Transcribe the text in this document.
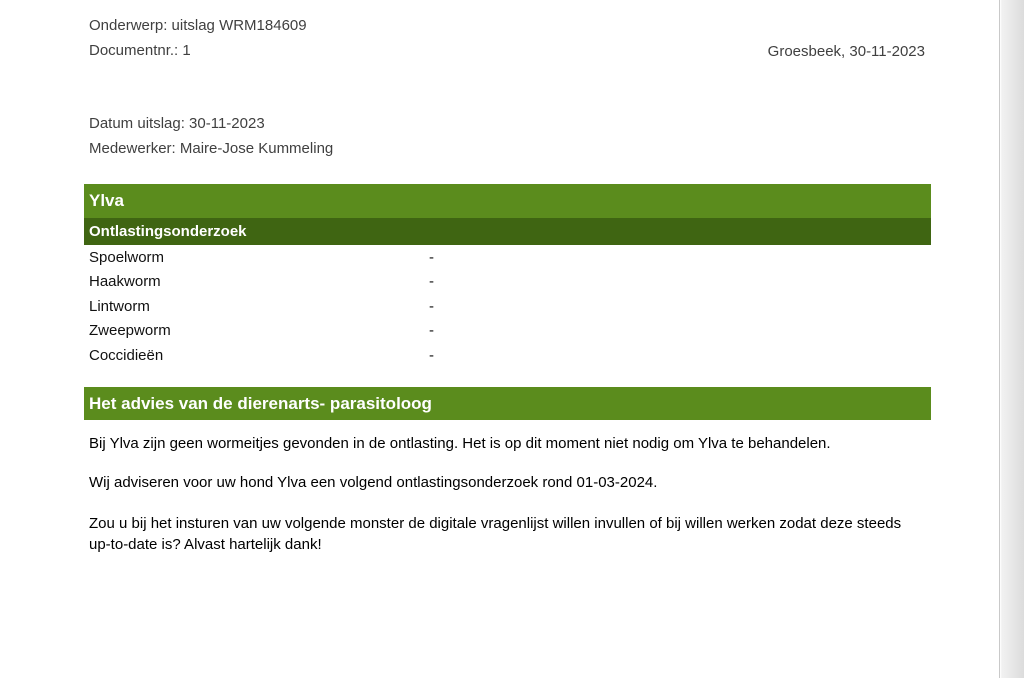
Onderwerp: uitslag WRM184609
Documentnr.: 1	Groesbeek, 30-11-2023
Datum uitslag: 30-11-2023
Medewerker: Maire-Jose Kummeling
Ylva
Ontlastingsonderzoek
Spoelworm	-
Haakworm	-
Lintworm	-
Zweepworm	-
Coccidieën	-
Het advies van de dierenarts- parasitoloog
Bij Ylva zijn geen wormeitjes gevonden in de ontlasting. Het is op dit moment niet nodig om Ylva te behandelen.
Wij adviseren voor uw hond Ylva een volgend ontlastingsonderzoek rond 01-03-2024.
Zou u bij het insturen van uw volgende monster de digitale vragenlijst willen invullen of bij willen werken zodat deze steeds up-to-date is? Alvast hartelijk dank!
